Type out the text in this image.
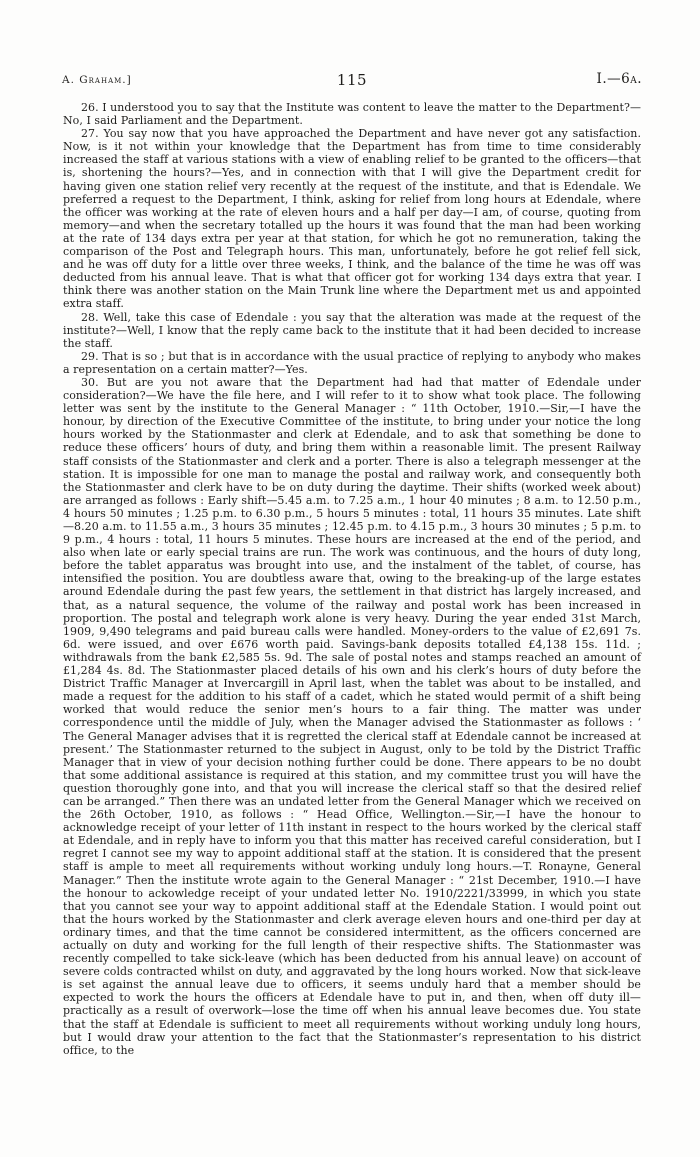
A. Graham.]	115	I.—6a.

26. I understood you to say that the Institute was content to leave the matter to the Department?—No, I said Parliament and the Department.

27. You say now that you have approached the Department and have never got any satisfaction. Now, is it not within your knowledge that the Department has from time to time considerably increased the staff at various stations with a view of enabling relief to be granted to the officers—that is, shortening the hours?—Yes, and in connection with that I will give the Department credit for having given one station relief very recently at the request of the institute, and that is Edendale. We preferred a request to the Department, I think, asking for relief from long hours at Edendale, where the officer was working at the rate of eleven hours and a half per day—I am, of course, quoting from memory—and when the secretary totalled up the hours it was found that the man had been working at the rate of 134 days extra per year at that station, for which he got no remuneration, taking the comparison of the Post and Telegraph hours. This man, unfortunately, before he got relief fell sick, and he was off duty for a little over three weeks, I think, and the balance of the time he was off was deducted from his annual leave. That is what that officer got for working 134 days extra that year. I think there was another station on the Main Trunk line where the Department met us and appointed extra staff.

28. Well, take this case of Edendale : you say that the alteration was made at the request of the institute?—Well, I know that the reply came back to the institute that it had been decided to increase the staff.

29. That is so ; but that is in accordance with the usual practice of replying to anybody who makes a representation on a certain matter?—Yes.

30. But are you not aware that the Department had had that matter of Edendale under consideration?—We have the file here, and I will refer to it to show what took place. The following letter was sent by the institute to the General Manager : “ 11th October, 1910.—Sir,—I have the honour, by direction of the Executive Committee of the institute, to bring under your notice the long hours worked by the Stationmaster and clerk at Edendale, and to ask that something be done to reduce these officers’ hours of duty, and bring them within a reasonable limit. The present Railway staff consists of the Stationmaster and clerk and a porter. There is also a telegraph messenger at the station. It is impossible for one man to manage the postal and railway work, and consequently both the Stationmaster and clerk have to be on duty during the daytime. Their shifts (worked week about) are arranged as follows : Early shift—5.45 a.m. to 7.25 a.m., 1 hour 40 minutes ; 8 a.m. to 12.50 p.m., 4 hours 50 minutes ; 1.25 p.m. to 6.30 p.m., 5 hours 5 minutes : total, 11 hours 35 minutes. Late shift—8.20 a.m. to 11.55 a.m., 3 hours 35 minutes ; 12.45 p.m. to 4.15 p.m., 3 hours 30 minutes ; 5 p.m. to 9 p.m., 4 hours : total, 11 hours 5 minutes. These hours are increased at the end of the period, and also when late or early special trains are run. The work was continuous, and the hours of duty long, before the tablet apparatus was brought into use, and the instalment of the tablet, of course, has intensified the position. You are doubtless aware that, owing to the breaking-up of the large estates around Edendale during the past few years, the settlement in that district has largely increased, and that, as a natural sequence, the volume of the railway and postal work has been increased in proportion. The postal and telegraph work alone is very heavy. During the year ended 31st March, 1909, 9,490 telegrams and paid bureau calls were handled. Money-orders to the value of £2,691 7s. 6d. were issued, and over £676 worth paid. Savings-bank deposits totalled £4,138 15s. 11d. ; withdrawals from the bank £2,585 5s. 9d. The sale of postal notes and stamps reached an amount of £1,284 4s. 8d. The Stationmaster placed details of his own and his clerk’s hours of duty before the District Traffic Manager at Invercargill in April last, when the tablet was about to be installed, and made a request for the addition to his staff of a cadet, which he stated would permit of a shift being worked that would reduce the senior men’s hours to a fair thing. The matter was under correspondence until the middle of July, when the Manager advised the Stationmaster as follows : ‘ The General Manager advises that it is regretted the clerical staff at Edendale cannot be increased at present.’ The Stationmaster returned to the subject in August, only to be told by the District Traffic Manager that in view of your decision nothing further could be done. There appears to be no doubt that some additional assistance is required at this station, and my committee trust you will have the question thoroughly gone into, and that you will increase the clerical staff so that the desired relief can be arranged.” Then there was an undated letter from the General Manager which we received on the 26th October, 1910, as follows : “ Head Office, Wellington.—Sir,—I have the honour to acknowledge receipt of your letter of 11th instant in respect to the hours worked by the clerical staff at Edendale, and in reply have to inform you that this matter has received careful consideration, but I regret I cannot see my way to appoint additional staff at the station. It is considered that the present staff is ample to meet all requirements without working unduly long hours.—T. Ronayne, General Manager.” Then the institute wrote again to the General Manager : “ 21st December, 1910.—I have the honour to ackowledge receipt of your undated letter No. 1910/2221/33999, in which you state that you cannot see your way to appoint additional staff at the Edendale Station. I would point out that the hours worked by the Stationmaster and clerk average eleven hours and one-third per day at ordinary times, and that the time cannot be considered intermittent, as the officers concerned are actually on duty and working for the full length of their respective shifts. The Stationmaster was recently compelled to take sick-leave (which has been deducted from his annual leave) on account of severe colds contracted whilst on duty, and aggravated by the long hours worked. Now that sick-leave is set against the annual leave due to officers, it seems unduly hard that a member should be expected to work the hours the officers at Edendale have to put in, and then, when off duty ill—practically as a result of overwork—lose the time off when his annual leave becomes due. You state that the staff at Edendale is sufficient to meet all requirements without working unduly long hours, but I would draw your attention to the fact that the Stationmaster’s representation to his district office, to the
